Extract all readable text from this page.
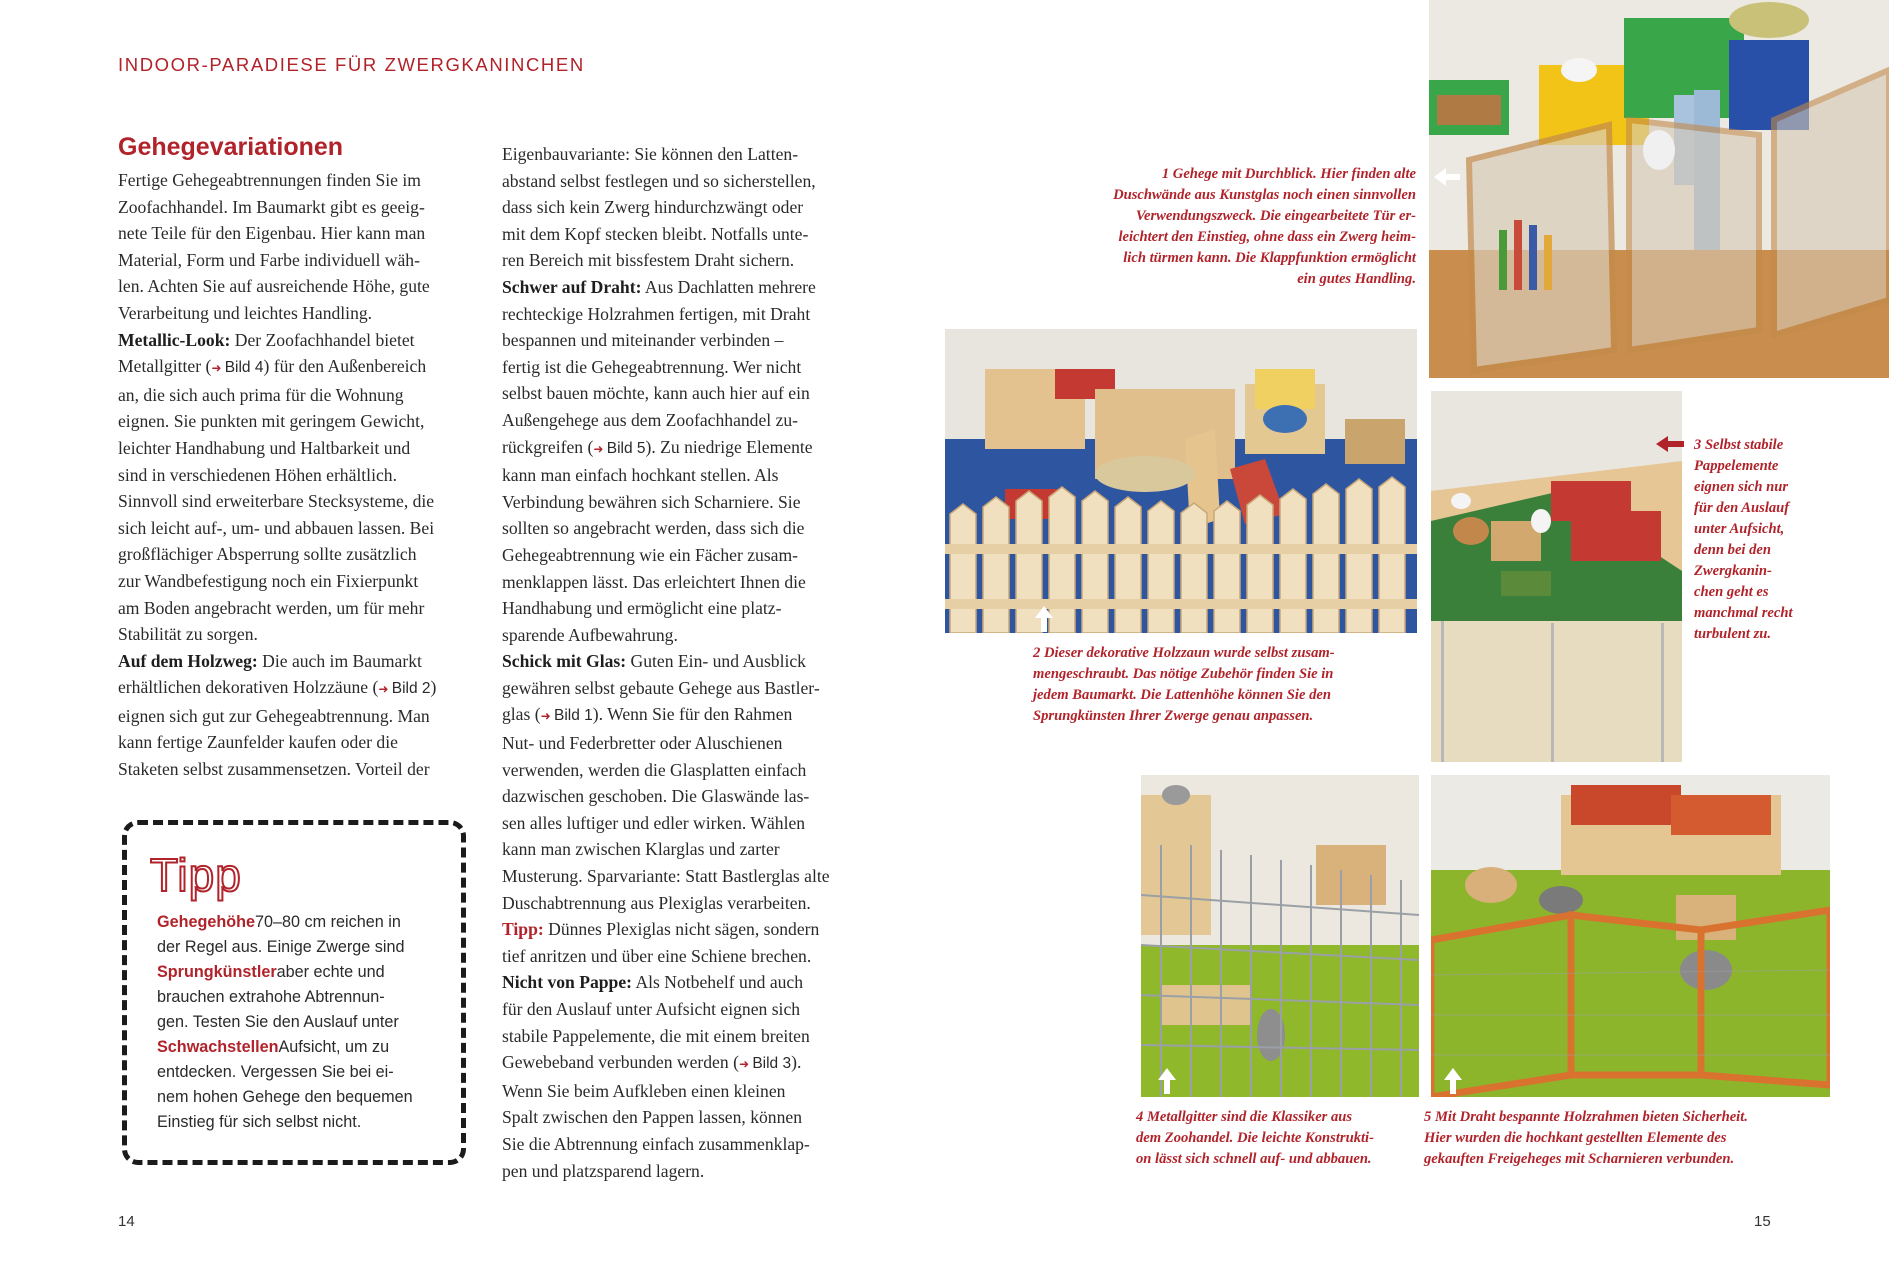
INDOOR-PARADIESE FÜR ZWERGKANINCHEN
Gehegevariationen
Fertige Gehegeabtrennungen finden Sie im
Zoofachhandel. Im Baumarkt gibt es geeig-
nete Teile für den Eigenbau. Hier kann man
Material, Form und Farbe individuell wäh-
len. Achten Sie auf ausreichende Höhe, gute
Verarbeitung und leichtes Handling.
Metallic-Look: Der Zoofachhandel bietet
Metallgitter (➜ Bild 4) für den Außenbereich
an, die sich auch prima für die Wohnung
eignen. Sie punkten mit geringem Gewicht,
leichter Handhabung und Haltbarkeit und
sind in verschiedenen Höhen erhältlich.
Sinnvoll sind erweiterbare Stecksysteme, die
sich leicht auf-, um- und abbauen lassen. Bei
großflächiger Absperrung sollte zusätzlich
zur Wandbefestigung noch ein Fixierpunkt
am Boden angebracht werden, um für mehr
Stabilität zu sorgen.
Auf dem Holzweg: Die auch im Baumarkt
erhältlichen dekorativen Holzzäune (➜ Bild 2)
eignen sich gut zur Gehegeabtrennung. Man
kann fertige Zaunfelder kaufen oder die
Staketen selbst zusammensetzen. Vorteil der
Eigenbauvariante: Sie können den Latten-
abstand selbst festlegen und so sicherstellen,
dass sich kein Zwerg hindurchzwängt oder
mit dem Kopf stecken bleibt. Notfalls unte-
ren Bereich mit bissfestem Draht sichern.
Schwer auf Draht: Aus Dachlatten mehrere
rechteckige Holzrahmen fertigen, mit Draht
bespannen und miteinander verbinden –
fertig ist die Gehegeabtrennung. Wer nicht
selbst bauen möchte, kann auch hier auf ein
Außengehege aus dem Zoofachhandel zu-
rückgreifen (➜ Bild 5). Zu niedrige Elemente
kann man einfach hochkant stellen. Als
Verbindung bewähren sich Scharniere. Sie
sollten so angebracht werden, dass sich die
Gehegeabtrennung wie ein Fächer zusam-
menklappen lässt. Das erleichtert Ihnen die
Handhabung und ermöglicht eine platz-
sparende Aufbewahrung.
Schick mit Glas: Guten Ein- und Ausblick
gewähren selbst gebaute Gehege aus Bastler-
glas (➜ Bild 1). Wenn Sie für den Rahmen
Nut- und Federbretter oder Aluschienen
verwenden, werden die Glasplatten einfach
dazwischen geschoben. Die Glaswände las-
sen alles luftiger und edler wirken. Wählen
kann man zwischen Klarglas und zarter
Musterung. Sparvariante: Statt Bastlerglas alte
Duschabtrennung aus Plexiglas verarbeiten.
Tipp: Dünnes Plexiglas nicht sägen, sondern
tief anritzen und über eine Schiene brechen.
Nicht von Pappe: Als Notbehelf und auch
für den Auslauf unter Aufsicht eignen sich
stabile Pappelemente, die mit einem breiten
Gewebeband verbunden werden (➜ Bild 3).
Wenn Sie beim Aufkleben einen kleinen
Spalt zwischen den Pappen lassen, können
Sie die Abtrennung einfach zusammenklap-
pen und platzsparend lagern.
Tipp
Gehegehöhe70–80 cm reichen in
der Regel aus. Einige Zwerge sind
Sprungkünstleraber echte und
brauchen extrahohe Abtrennun-
gen. Testen Sie den Auslauf unter
SchwachstellenAufsicht, um zu
entdecken. Vergessen Sie bei ei-
nem hohen Gehege den bequemen
Einstieg für sich selbst nicht.
14	15
1 Gehege mit Durchblick. Hier finden alte
Duschwände aus Kunstglas noch einen sinnvollen
Verwendungszweck. Die eingearbeitete Tür er-
leichtert den Einstieg, ohne dass ein Zwerg heim-
lich türmen kann. Die Klappfunktion ermöglicht
ein gutes Handling.
2 Dieser dekorative Holzzaun wurde selbst zusam-
mengeschraubt. Das nötige Zubehör finden Sie in
jedem Baumarkt. Die Lattenhöhe können Sie den
Sprungkünsten Ihrer Zwerge genau anpassen.
3 Selbst stabile
Pappelemente
eignen sich nur
für den Auslauf
unter Aufsicht,
denn bei den
Zwergkanin-
chen geht es
manchmal recht
turbulent zu.
4 Metallgitter sind die Klassiker aus
dem Zoohandel. Die leichte Konstrukti-
on lässt sich schnell auf- und abbauen.
5 Mit Draht bespannte Holzrahmen bieten Sicherheit.
Hier wurden die hochkant gestellten Elemente des
gekauften Freigeheges mit Scharnieren verbunden.
